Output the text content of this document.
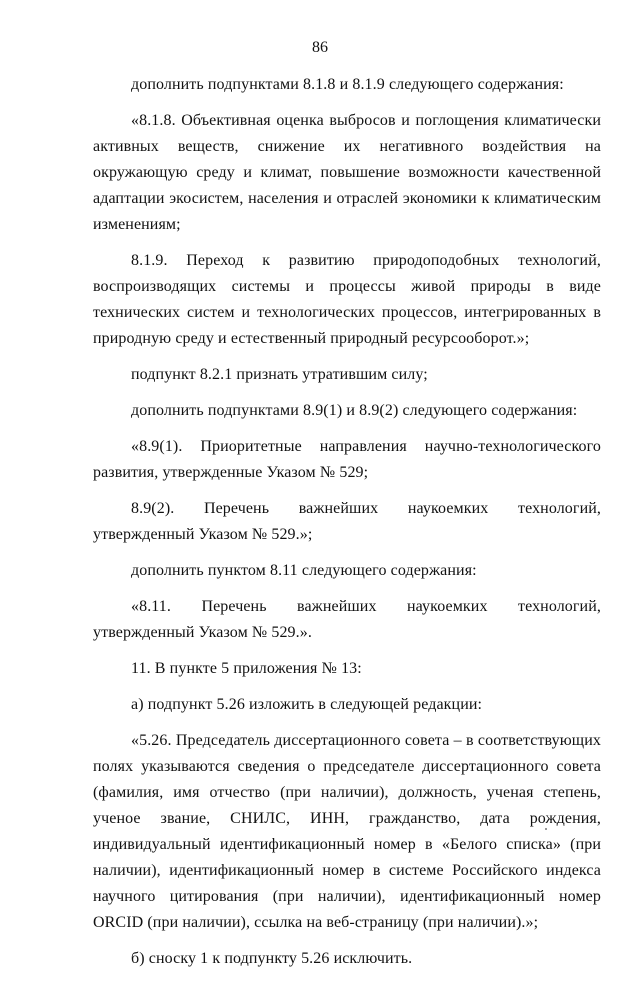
86

дополнить подпунктами 8.1.8 и 8.1.9 следующего содержания:

«8.1.8. Объективная оценка выбросов и поглощения климатически активных веществ, снижение их негативного воздействия на окружающую среду и климат, повышение возможности качественной адаптации экосистем, населения и отраслей экономики к климатическим изменениям;

8.1.9. Переход к развитию природоподобных технологий, воспроизводящих системы и процессы живой природы в виде технических систем и технологических процессов, интегрированных в природную среду и естественный природный ресурсооборот.»;

подпункт 8.2.1 признать утратившим силу;

дополнить подпунктами 8.9(1) и 8.9(2) следующего содержания:

«8.9(1). Приоритетные направления научно-технологического развития, утвержденные Указом № 529;

8.9(2). Перечень важнейших наукоемких технологий, утвержденный Указом № 529.»;

дополнить пунктом 8.11 следующего содержания:

«8.11. Перечень важнейших наукоемких технологий, утвержденный Указом № 529.».

11. В пункте 5 приложения № 13:

а) подпункт 5.26 изложить в следующей редакции:

«5.26. Председатель диссертационного совета – в соответствующих полях указываются сведения о председателе диссертационного совета (фамилия, имя отчество (при наличии), должность, ученая степень, ученое звание, СНИЛС, ИНН, гражданство, дата рождения, индивидуальный идентификационный номер в «Белого списка» (при наличии), идентификационный номер в системе Российского индекса научного цитирования (при наличии), идентификационный номер ORCID (при наличии), ссылка на веб-страницу (при наличии).»;

б) сноску 1 к подпункту 5.26 исключить.
